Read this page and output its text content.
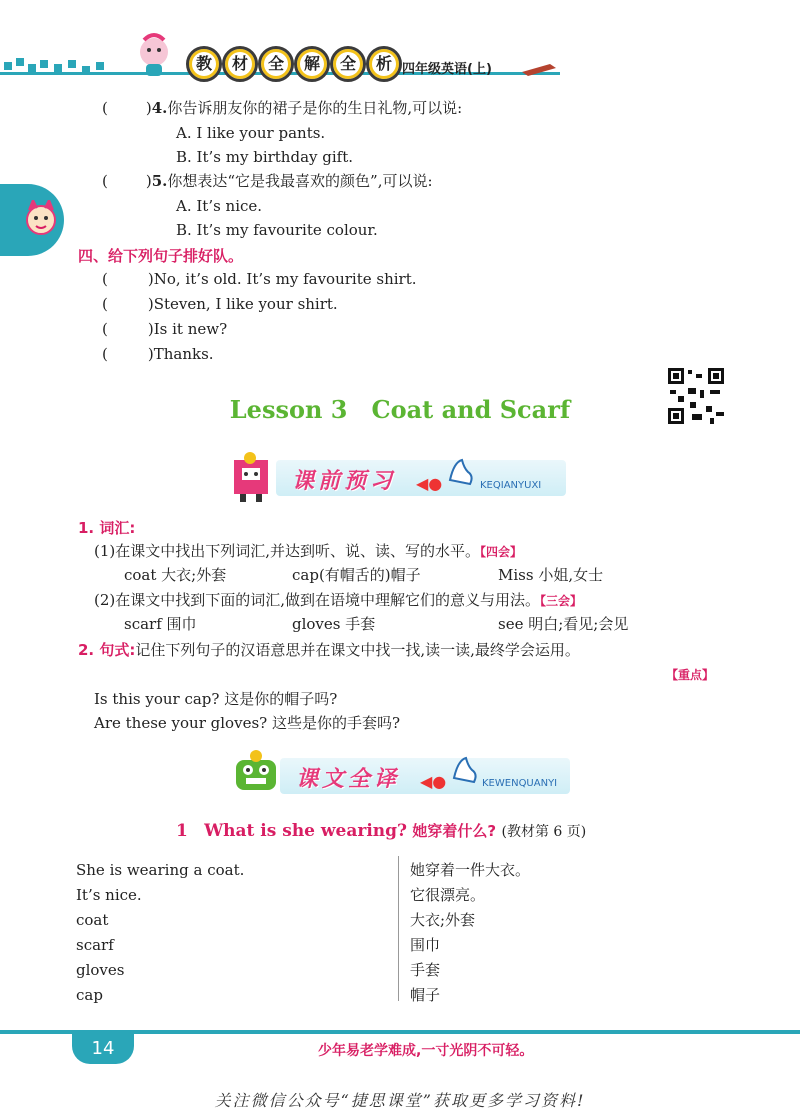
教	材	全	解	全	析 四年级英语(上)
(	)4.你告诉朋友你的裙子是你的生日礼物,可以说:
A. I like your pants.
B. It’s my birthday gift.
(	)5.你想表达“它是我最喜欢的颜色”,可以说:
A. It’s nice.
B. It’s my favourite colour.
四、给下列句子排好队。
(	)No, it’s old. It’s my favourite shirt.
(	)Steven, I like your shirt.
(	)Is it new?
(	)Thanks.
Lesson 3　Coat and Scarf
课前预习 ◀●	KEQIANYUXI
1. 词汇:
(1)在课文中找出下列词汇,并达到听、说、读、写的水平。【四会】
coat 大衣;外套	cap(有帽舌的)帽子	Miss 小姐,女士
(2)在课文中找到下面的词汇,做到在语境中理解它们的意义与用法。【三会】
scarf 围巾	gloves 手套	see 明白;看见;会见
2. 句式:记住下列句子的汉语意思并在课文中找一找,读一读,最终学会运用。
【重点】
Is this your cap? 这是你的帽子吗?
Are these your gloves? 这些是你的手套吗?
课文全译 ◀●	KEWENQUANYI
1 What is she wearing? 她穿着什么? (教材第 6 页)
She is wearing a coat.	她穿着一件大衣。
It’s nice.	它很漂亮。
coat	大衣;外套
scarf	围巾
gloves	手套
cap	帽子
14	少年易老学难成,一寸光阴不可轻。
关注微信公众号“捷思课堂”获取更多学习资料!
